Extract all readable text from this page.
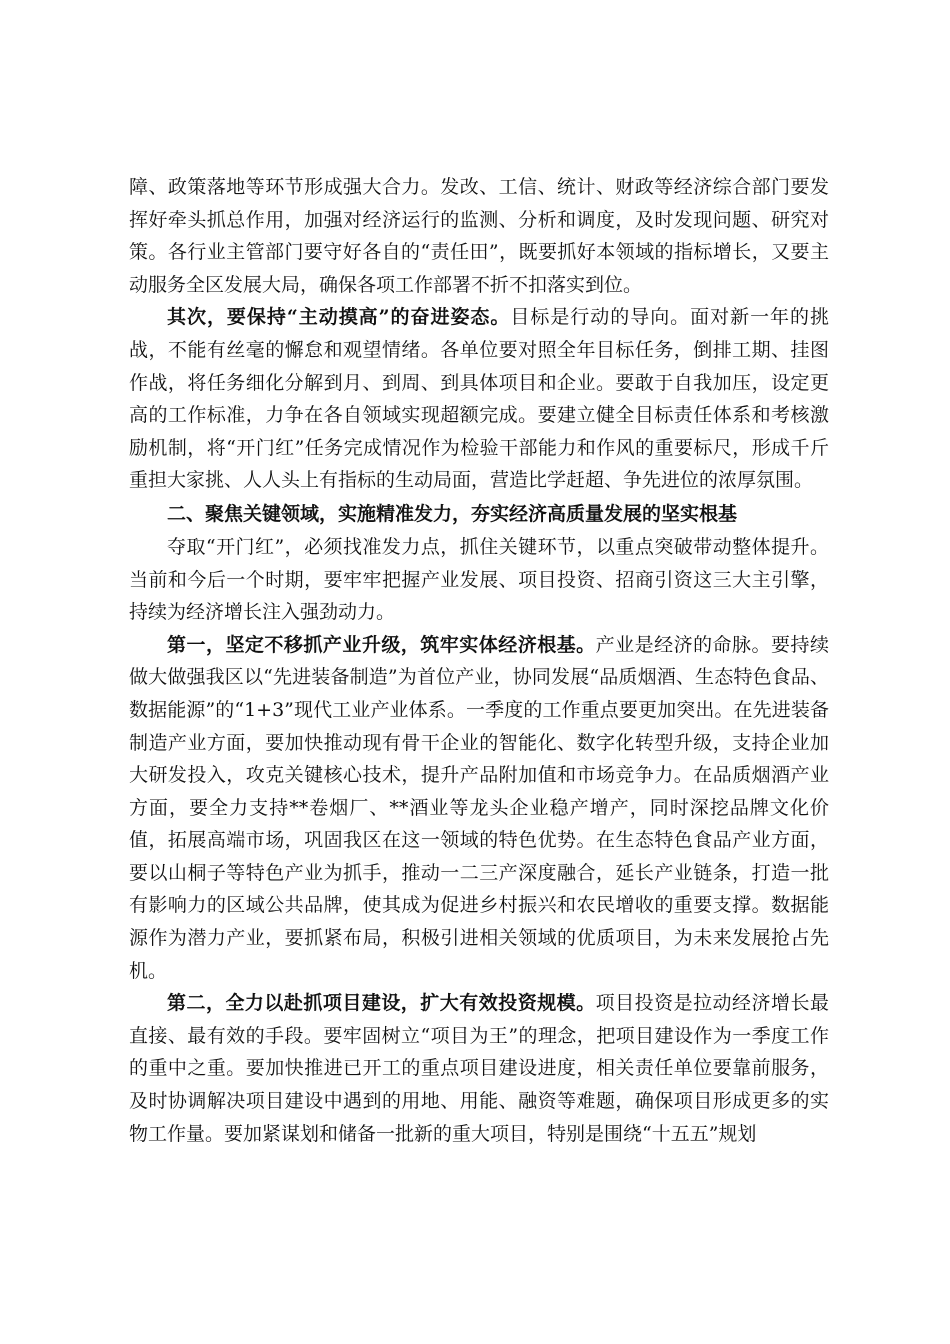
障、政策落地等环节形成强大合力。发改、工信、统计、财政等经济综合部门要发挥好牵头抓总作用，加强对经济运行的监测、分析和调度，及时发现问题、研究对策。各行业主管部门要守好各自的“责任田”，既要抓好本领域的指标增长，又要主动服务全区发展大局，确保各项工作部署不折不扣落实到位。

其次，要保持“主动摸高”的奋进姿态。目标是行动的导向。面对新一年的挑战，不能有丝毫的懈怠和观望情绪。各单位要对照全年目标任务，倒排工期、挂图作战，将任务细化分解到月、到周、到具体项目和企业。要敢于自我加压，设定更高的工作标准，力争在各自领域实现超额完成。要建立健全目标责任体系和考核激励机制，将“开门红”任务完成情况作为检验干部能力和作风的重要标尺，形成千斤重担大家挑、人人头上有指标的生动局面，营造比学赶超、争先进位的浓厚氛围。

二、聚焦关键领域，实施精准发力，夯实经济高质量发展的坚实根基

夺取“开门红”，必须找准发力点，抓住关键环节，以重点突破带动整体提升。当前和今后一个时期，要牢牢把握产业发展、项目投资、招商引资这三大主引擎，持续为经济增长注入强劲动力。

第一，坚定不移抓产业升级，筑牢实体经济根基。产业是经济的命脉。要持续做大做强我区以“先进装备制造”为首位产业，协同发展“品质烟酒、生态特色食品、数据能源”的“1+3”现代工业产业体系。一季度的工作重点要更加突出。在先进装备制造产业方面，要加快推动现有骨干企业的智能化、数字化转型升级，支持企业加大研发投入，攻克关键核心技术，提升产品附加值和市场竞争力。在品质烟酒产业方面，要全力支持**卷烟厂、**酒业等龙头企业稳产增产，同时深挖品牌文化价值，拓展高端市场，巩固我区在这一领域的特色优势。在生态特色食品产业方面，要以山桐子等特色产业为抓手，推动一二三产深度融合，延长产业链条，打造一批有影响力的区域公共品牌，使其成为促进乡村振兴和农民增收的重要支撑。数据能源作为潜力产业，要抓紧布局，积极引进相关领域的优质项目，为未来发展抢占先机。

第二，全力以赴抓项目建设，扩大有效投资规模。项目投资是拉动经济增长最直接、最有效的手段。要牢固树立“项目为王”的理念，把项目建设作为一季度工作的重中之重。要加快推进已开工的重点项目建设进度，相关责任单位要靠前服务，及时协调解决项目建设中遇到的用地、用能、融资等难题，确保项目形成更多的实物工作量。要加紧谋划和储备一批新的重大项目，特别是围绕“十五五”规划
